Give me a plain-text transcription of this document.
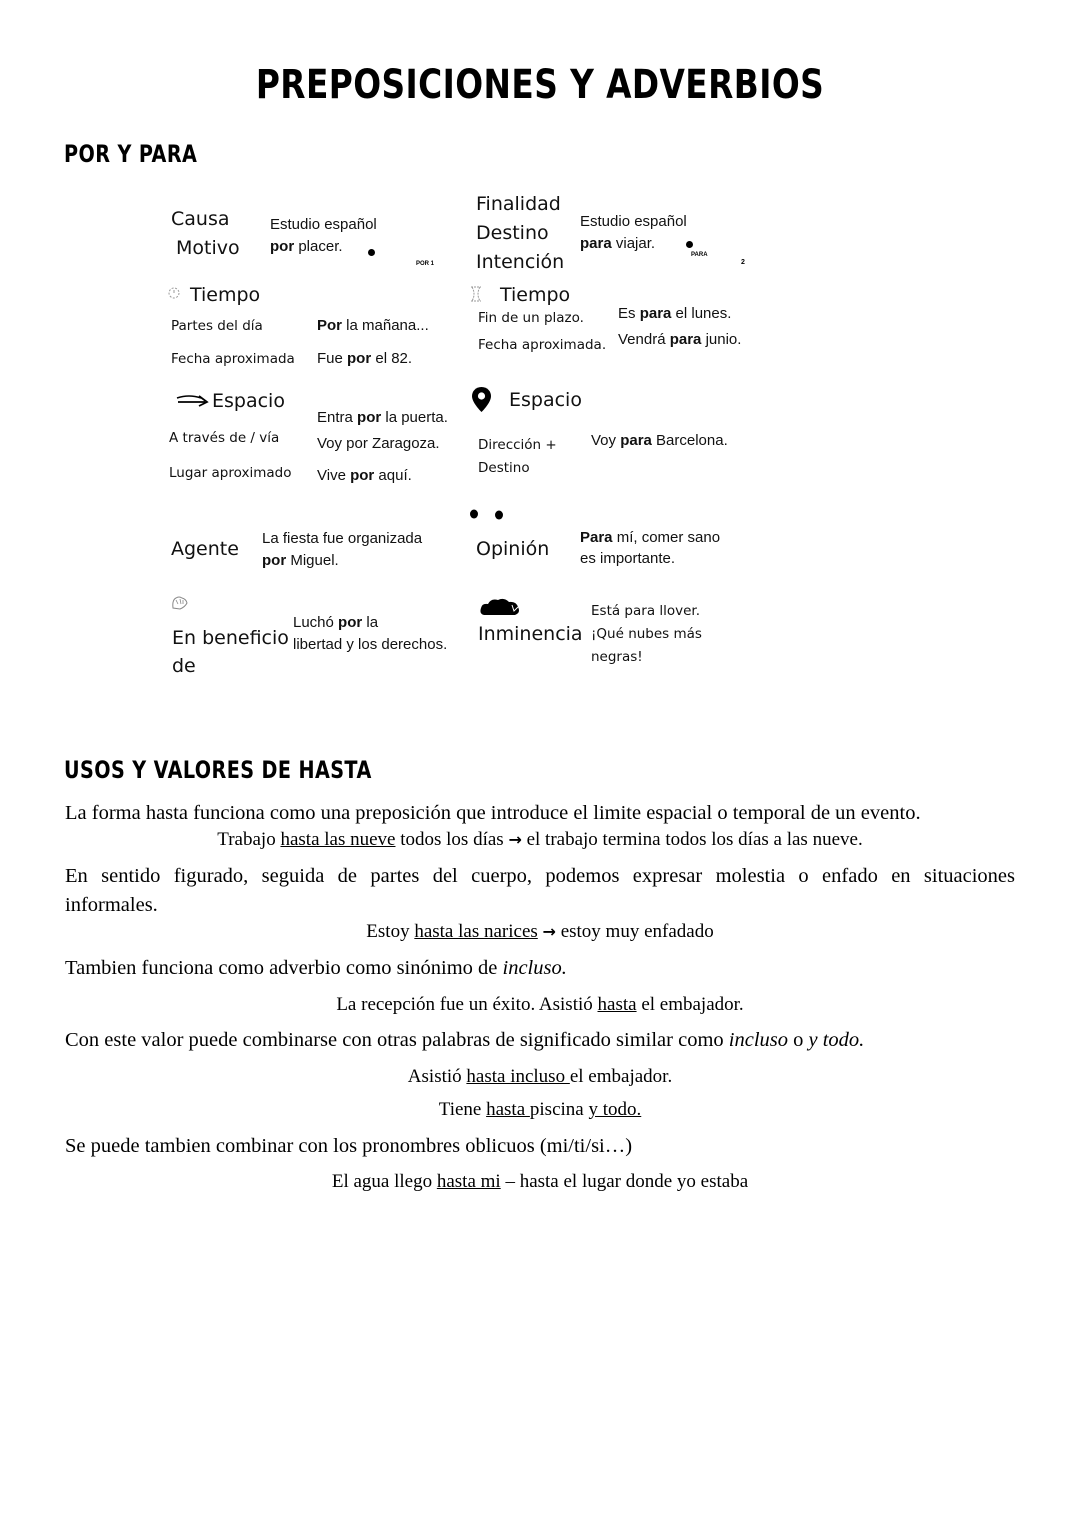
PREPOSICIONES Y ADVERBIOS
POR Y PARA
Causa
Motivo
Estudio español
por placer.
POR 1
Tiempo
Partes del día
Fecha aproximada
Por la mañana...
Fue por el 82.
Espacio
A través de / vía
Lugar aproximado
Entra por la puerta.
Voy por Zaragoza.
Vive por aquí.
Agente La fiesta fue organizada
por Miguel.
En beneficio
de
Luchó por la
libertad y los derechos.
Finalidad
Destino
Intención
Estudio español
para viajar.
PARA
2
Tiempo
Fin de un plazo.
Fecha aproximada.
Es para el lunes.
Vendrá para junio.
Espacio
Dirección +
Destino
Voy para Barcelona.
Opinión
Para mí, comer sano
es importante.
Inminencia
Está para llover.
¡Qué nubes más
negras!
USOS Y VALORES DE HASTA
La forma hasta funciona como una preposición que introduce el limite espacial o temporal de un evento.
Trabajo hasta las nueve todos los días → el trabajo termina todos los días a las nueve.
En sentido figurado, seguida de partes del cuerpo, podemos expresar molestia o enfado en situaciones
informales.
Estoy hasta las narices → estoy muy enfadado
Tambien funciona como adverbio como sinónimo de incluso.
La recepción fue un éxito. Asistió hasta el embajador.
Con este valor puede combinarse con otras palabras de significado similar como incluso o y todo.
Asistió hasta incluso el embajador.
Tiene hasta piscina y todo.
Se puede tambien combinar con los pronombres oblicuos (mi/ti/si…)
El agua llego hasta mi – hasta el lugar donde yo estaba
